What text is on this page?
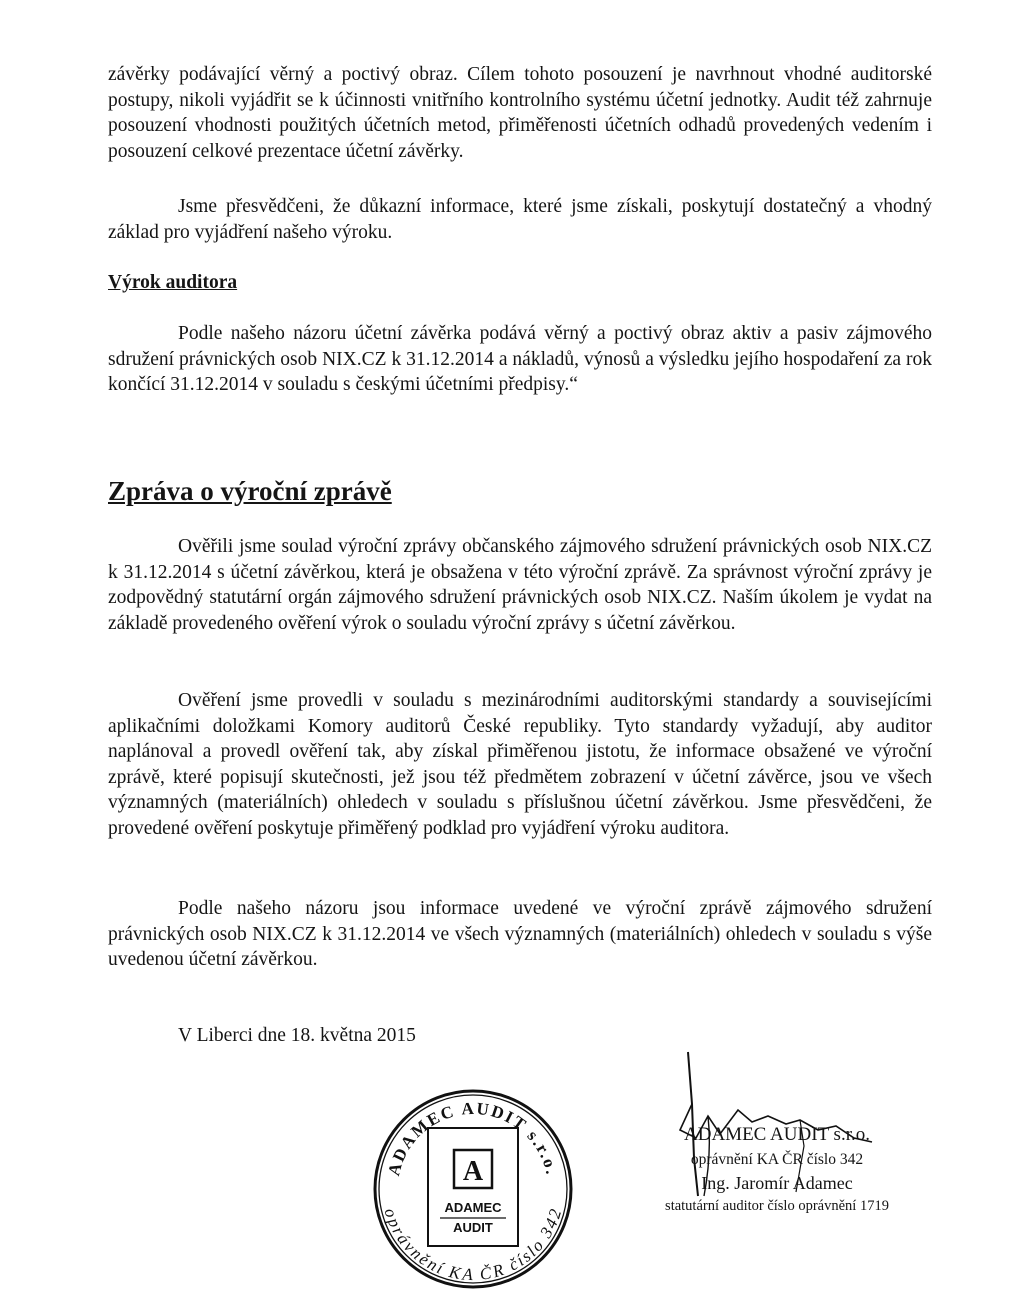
závěrky podávající věrný a poctivý obraz. Cílem tohoto posouzení je navrhnout vhodné auditorské postupy, nikoli vyjádřit se k účinnosti vnitřního kontrolního systému účetní jednotky. Audit též zahrnuje posouzení vhodnosti použitých účetních metod, přiměřenosti účetních odhadů provedených vedením i posouzení celkové prezentace účetní závěrky.

Jsme přesvědčeni, že důkazní informace, které jsme získali, poskytují dostatečný a vhodný základ pro vyjádření našeho výroku.

Výrok auditora

Podle našeho názoru účetní závěrka podává věrný a poctivý obraz aktiv a pasiv zájmového sdružení právnických osob NIX.CZ k 31.12.2014 a nákladů, výnosů a výsledku jejího hospodaření za rok končící 31.12.2014 v souladu s českými účetními předpisy.“

Zpráva o výroční zprávě

Ověřili jsme soulad výroční zprávy občanského zájmového sdružení právnických osob NIX.CZ k 31.12.2014 s účetní závěrkou, která je obsažena v této výroční zprávě. Za správnost výroční zprávy je zodpovědný statutární orgán zájmového sdružení právnických osob NIX.CZ. Naším úkolem je vydat na základě provedeného ověření výrok o souladu výroční zprávy s účetní závěrkou.

Ověření jsme provedli v souladu s mezinárodními auditorskými standardy a souvisejícími aplikačními doložkami Komory auditorů České republiky. Tyto standardy vyžadují, aby auditor naplánoval a provedl ověření tak, aby získal přiměřenou jistotu, že informace obsažené ve výroční zprávě, které popisují skutečnosti, jež jsou též předmětem zobrazení v účetní závěrce, jsou ve všech významných (materiálních) ohledech v souladu s příslušnou účetní závěrkou. Jsme přesvědčeni, že provedené ověření poskytuje přiměřený podklad pro vyjádření výroku auditora.

Podle našeho názoru jsou informace uvedené ve výroční zprávě zájmového sdružení právnických osob NIX.CZ k 31.12.2014 ve všech významných (materiálních) ohledech v souladu s výše uvedenou účetní závěrkou.

V Liberci dne 18. května 2015

ADAMEC AUDIT s.r.o.
oprávnění KA ČR číslo 342
A
ADAMEC
AUDIT

ADAMEC AUDIT s.r.o.

oprávnění KA ČR číslo 342

Ing. Jaromír Adamec

statutární auditor číslo oprávnění 1719
